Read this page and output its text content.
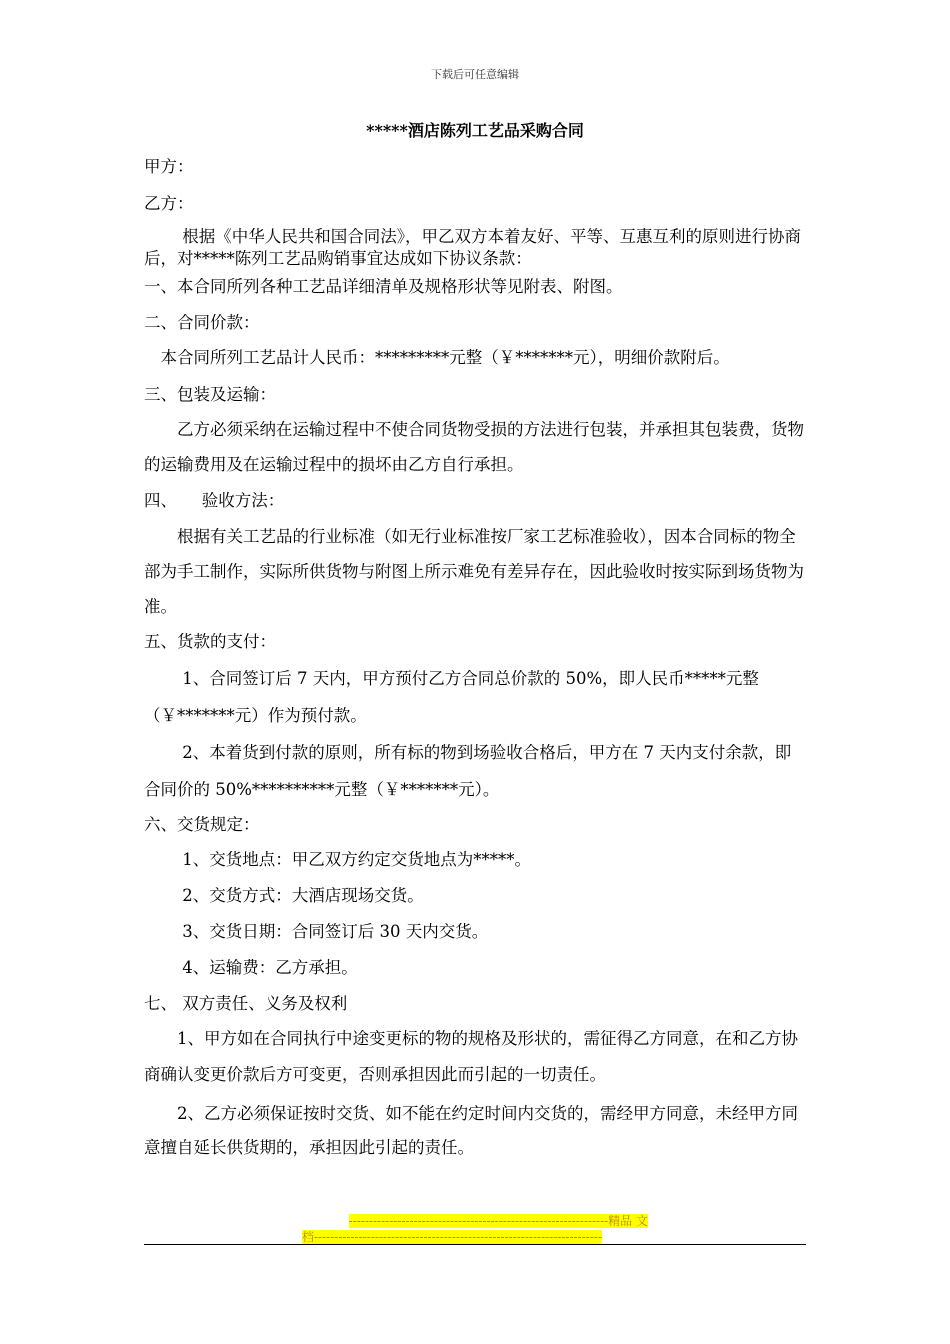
下载后可任意编辑
*****酒店陈列工艺品采购合同

甲方：

乙方：

　　 根据《中华人民共和国合同法》，甲乙双方本着友好、平等、互惠互利的原则进行协商后，对*****陈列工艺品购销事宜达成如下协议条款：

一、本合同所列各种工艺品详细清单及规格形状等见附表、附图。

二、合同价款：

　本合同所列工艺品计人民币：*********元整（￥*******元），明细价款附后。

三、包装及运输：

　　乙方必须采纳在运输过程中不使合同货物受损的方法进行包装，并承担其包装费，货物的运输费用及在运输过程中的损坏由乙方自行承担。

四、　　验收方法：

　　根据有关工艺品的行业标准（如无行业标准按厂家工艺标准验收），因本合同标的物全部为手工制作，实际所供货物与附图上所示难免有差异存在，因此验收时按实际到场货物为准。

五、货款的支付：

　　 1、合同签订后 7 天内，甲方预付乙方合同总价款的 50%，即人民币*****元整（￥*******元）作为预付款。

　　 2、本着货到付款的原则，所有标的物到场验收合格后，甲方在 7 天内支付余款，即合同价的 50%**********元整（￥*******元）。

六、交货规定：

　　 1、交货地点：甲乙双方约定交货地点为*****。

　　 2、交货方式：大酒店现场交货。

　　 3、交货日期：合同签订后 30 天内交货。

　　 4、运输费：乙方承担。

七、 双方责任、义务及权利

　　1、甲方如在合同执行中途变更标的物的规格及形状的，需征得乙方同意，在和乙方协商确认变更价款后方可变更，否则承担因此而引起的一切责任。

　　2、乙方必须保证按时交货、如不能在约定时间内交货的，需经甲方同意，未经甲方同意擅自延长供货期的，承担因此引起的责任。

----------------------------------------------------------------精品 文
档-----------------------------------------------------------------------
